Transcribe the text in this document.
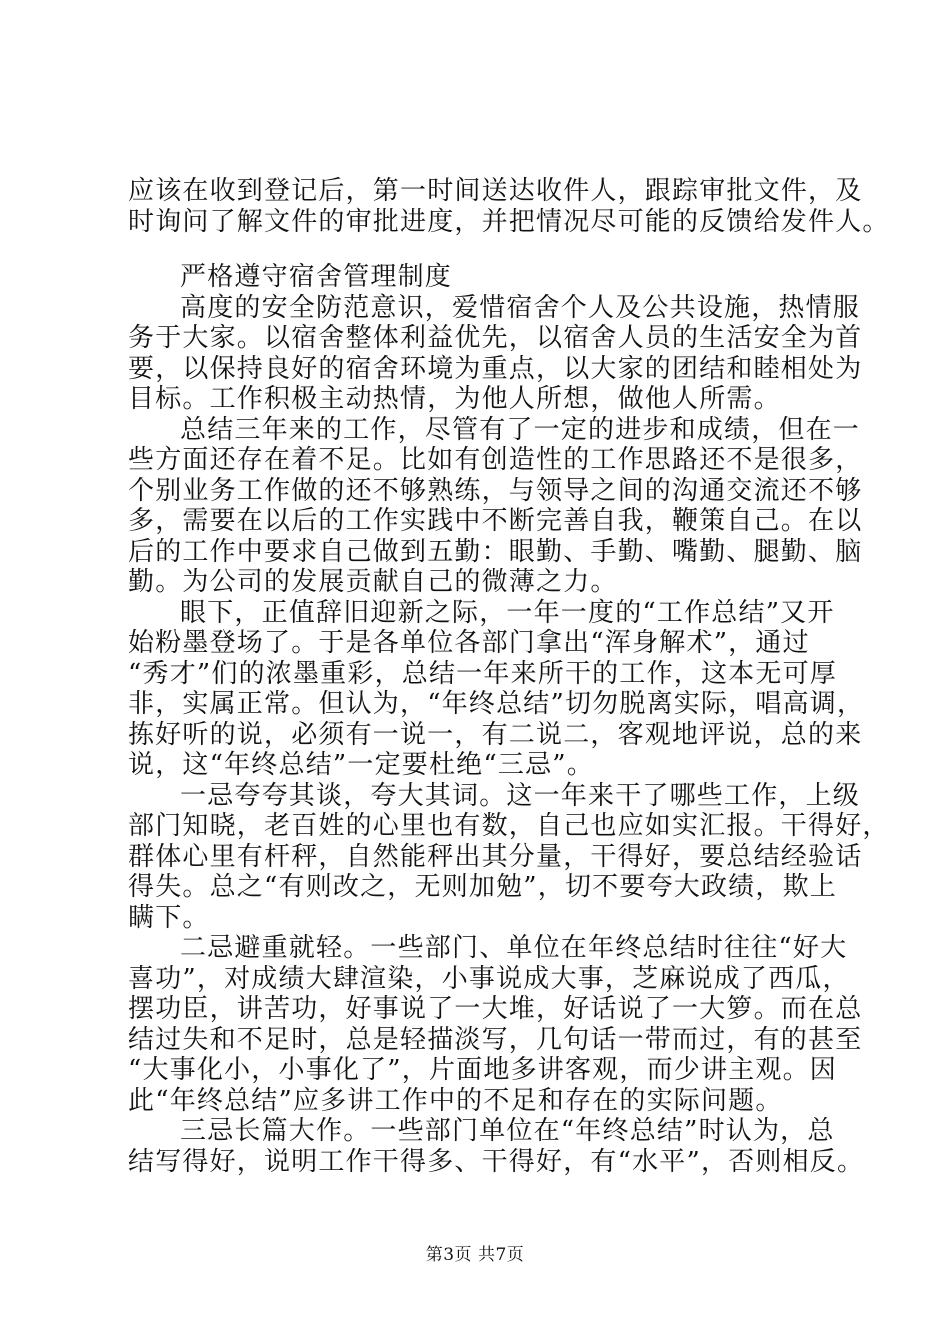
应该在收到登记后，第一时间送达收件人，跟踪审批文件，及
时询问了解文件的审批进度，并把情况尽可能的反馈给发件人。
严格遵守宿舍管理制度
高度的安全防范意识，爱惜宿舍个人及公共设施，热情服
务于大家。以宿舍整体利益优先，以宿舍人员的生活安全为首
要，以保持良好的宿舍环境为重点，以大家的团结和睦相处为
目标。工作积极主动热情，为他人所想，做他人所需。
总结三年来的工作，尽管有了一定的进步和成绩，但在一
些方面还存在着不足。比如有创造性的工作思路还不是很多，
个别业务工作做的还不够熟练，与领导之间的沟通交流还不够
多，需要在以后的工作实践中不断完善自我，鞭策自己。在以
后的工作中要求自己做到五勤：眼勤、手勤、嘴勤、腿勤、脑
勤。为公司的发展贡献自己的微薄之力。
眼下，正值辞旧迎新之际，一年一度的“工作总结”又开
始粉墨登场了。于是各单位各部门拿出“浑身解术”，通过
“秀才”们的浓墨重彩，总结一年来所干的工作，这本无可厚
非，实属正常。但认为，“年终总结”切勿脱离实际，唱高调，
拣好听的说，必须有一说一，有二说二，客观地评说，总的来
说，这“年终总结”一定要杜绝“三忌”。
一忌夸夸其谈，夸大其词。这一年来干了哪些工作，上级
部门知晓，老百姓的心里也有数，自己也应如实汇报。干得好，
群体心里有杆秤，自然能秤出其分量，干得好，要总结经验话
得失。总之“有则改之，无则加勉”，切不要夸大政绩，欺上
瞒下。
二忌避重就轻。一些部门、单位在年终总结时往往“好大
喜功”，对成绩大肆渲染，小事说成大事，芝麻说成了西瓜，
摆功臣，讲苦功，好事说了一大堆，好话说了一大箩。而在总
结过失和不足时，总是轻描淡写，几句话一带而过，有的甚至
“大事化小，小事化了”，片面地多讲客观，而少讲主观。因
此“年终总结”应多讲工作中的不足和存在的实际问题。
三忌长篇大作。一些部门单位在“年终总结”时认为，总
结写得好，说明工作干得多、干得好，有“水平”，否则相反。
第3页 共7页
